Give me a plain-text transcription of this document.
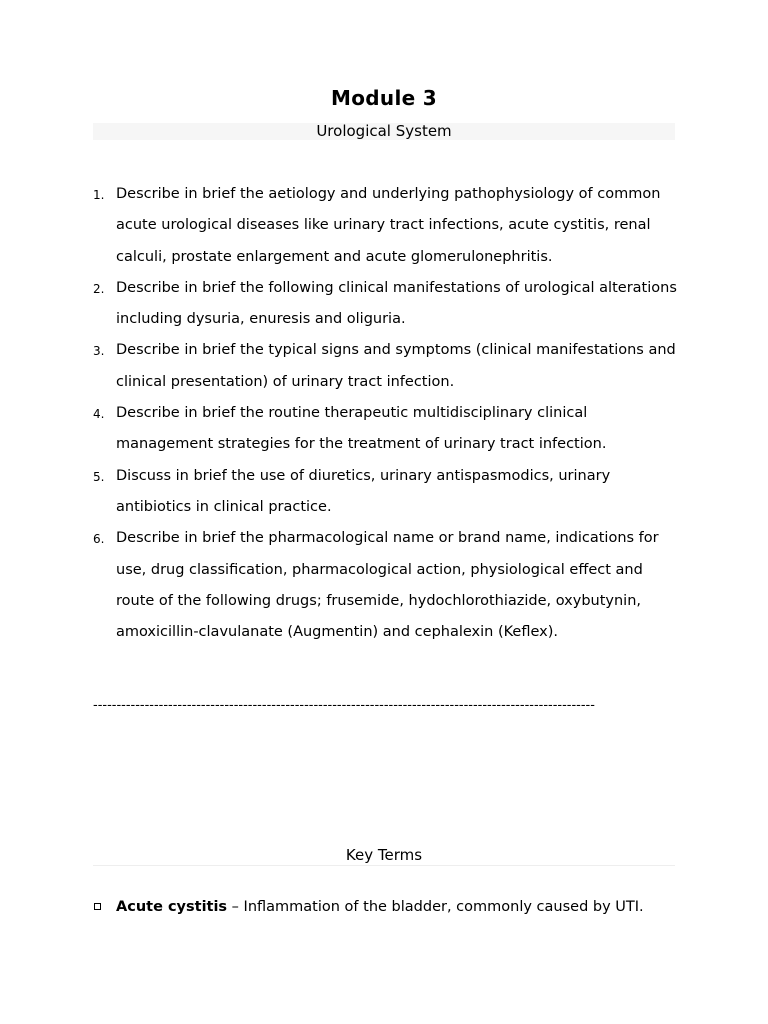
Module 3
Urological System
1. Describe in brief the aetiology and underlying pathophysiology of common acute urological diseases like urinary tract infections, acute cystitis, renal calculi, prostate enlargement and acute glomerulonephritis.
2. Describe in brief the following clinical manifestations of urological alterations including dysuria, enuresis and oliguria.
3. Describe in brief the typical signs and symptoms (clinical manifestations and clinical presentation) of urinary tract infection.
4. Describe in brief the routine therapeutic multidisciplinary clinical management strategies for the treatment of urinary tract infection.
5. Discuss in brief the use of diuretics, urinary antispasmodics, urinary antibiotics in clinical practice.
6. Describe in brief the pharmacological name or brand name, indications for use, drug classification, pharmacological action, physiological effect and route of the following drugs; frusemide, hydochlorothiazide, oxybutynin, amoxicillin-clavulanate (Augmentin) and cephalexin (Keflex).
-----------------------------------------------------------------------------------------------------------
Key Terms
Acute cystitis – Inflammation of the bladder, commonly caused by UTI.
